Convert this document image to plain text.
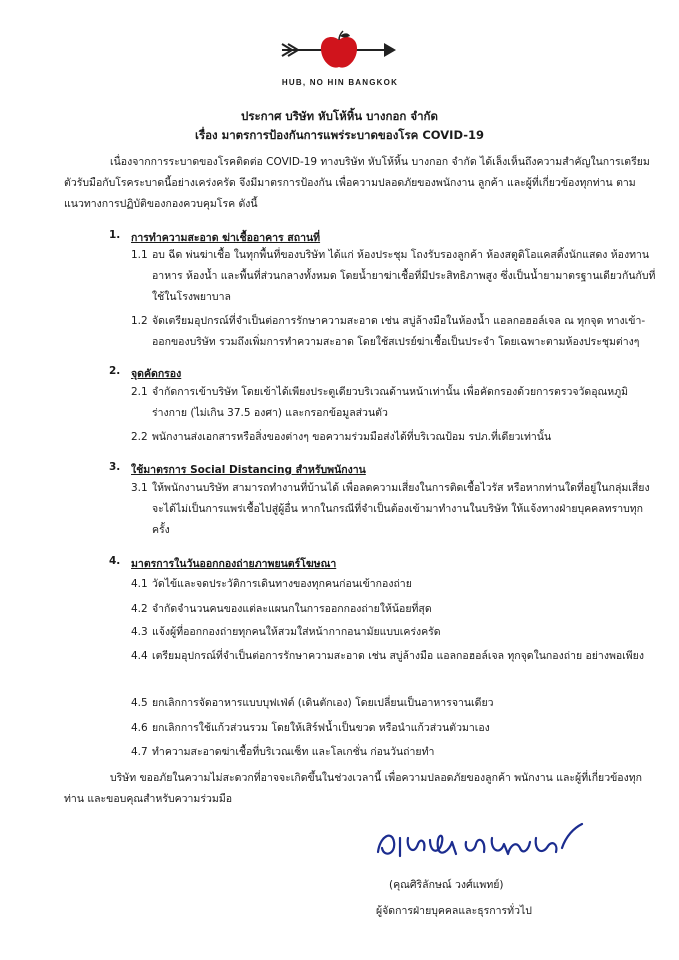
HUB, NO HIN BANGKOK
ประกาศ บริษัท หับโห้หิ้น บางกอก จำกัด
เรื่อง มาตรการป้องกันการแพร่ระบาดของโรค COVID-19

เนื่องจากการระบาดของโรคติดต่อ COVID-19 ทางบริษัท หับโห้หิ้น บางกอก จำกัด ได้เล็งเห็นถึงความสำคัญในการเตรียมตัวรับมือกับโรคระบาดนี้อย่างเคร่งครัด จึงมีมาตรการป้องกัน เพื่อความปลอดภัยของพนักงาน ลูกค้า และผู้ที่เกี่ยวข้องทุกท่าน ตามแนวทางการปฏิบัติของกองควบคุมโรค ดังนี้

1. การทำความสะอาด ฆ่าเชื้ออาคาร สถานที่
1.1 อบ ฉีด พ่นฆ่าเชื้อ ในทุกพื้นที่ของบริษัท ได้แก่ ห้องประชุม โถงรับรองลูกค้า ห้องสตูดิโอแคสติ้งนักแสดง ห้องทานอาหาร ห้องน้ำ และพื้นที่ส่วนกลางทั้งหมด โดยน้ำยาฆ่าเชื้อที่มีประสิทธิภาพสูง ซึ่งเป็นน้ำยามาตรฐานเดียวกันกับที่ใช้ในโรงพยาบาล

1.2 จัดเตรียมอุปกรณ์ที่จำเป็นต่อการรักษาความสะอาด เช่น สบู่ล้างมือในห้องน้ำ แอลกอฮอล์เจล ณ ทุกจุด ทางเข้า-ออกของบริษัท รวมถึงเพิ่มการทำความสะอาด โดยใช้สเปรย์ฆ่าเชื้อเป็นประจำ โดยเฉพาะตามห้องประชุมต่างๆ

2. จุดคัดกรอง
2.1 จำกัดการเข้าบริษัท โดยเข้าได้เพียงประตูเดียวบริเวณด้านหน้าเท่านั้น เพื่อคัดกรองด้วยการตรวจวัดอุณหภูมิร่างกาย (ไม่เกิน 37.5 องศา) และกรอกข้อมูลส่วนตัว

2.2 พนักงานส่งเอกสารหรือสิ่งของต่างๆ ขอความร่วมมือส่งได้ที่บริเวณป้อม รปภ.ที่เดียวเท่านั้น

3. ใช้มาตรการ Social Distancing สำหรับพนักงาน
3.1 ให้พนักงานบริษัท สามารถทำงานที่บ้านได้ เพื่อลดความเสี่ยงในการติดเชื้อไวรัส หรือหากท่านใดที่อยู่ในกลุ่มเสี่ยง จะได้ไม่เป็นการแพร่เชื้อไปสู่ผู้อื่น หากในกรณีที่จำเป็นต้องเข้ามาทำงานในบริษัท ให้แจ้งทางฝ่ายบุคคลทราบทุกครั้ง

4. มาตรการในวันออกกองถ่ายภาพยนตร์โฆษณา
4.1 วัดไข้และจดประวัติการเดินทางของทุกคนก่อนเข้ากองถ่าย

4.2 จำกัดจำนวนคนของแต่ละแผนกในการออกกองถ่ายให้น้อยที่สุด

4.3 แจ้งผู้ที่ออกกองถ่ายทุกคนให้สวมใส่หน้ากากอนามัยแบบเคร่งครัด

4.4 เตรียมอุปกรณ์ที่จำเป็นต่อการรักษาความสะอาด เช่น สบู่ล้างมือ แอลกอฮอล์เจล ทุกจุดในกองถ่าย อย่างพอเพียง

4.5 ยกเลิกการจัดอาหารแบบบุฟเฟ่ต์ (เดินตักเอง) โดยเปลี่ยนเป็นอาหารจานเดียว

4.6 ยกเลิกการใช้แก้วส่วนรวม โดยให้เสิร์ฟน้ำเป็นขวด หรือนำแก้วส่วนตัวมาเอง

4.7 ทำความสะอาดฆ่าเชื้อที่บริเวณเซ็ท และโลเกชั่น ก่อนวันถ่ายทำ

บริษัท ขออภัยในความไม่สะดวกที่อาจจะเกิดขึ้นในช่วงเวลานี้ เพื่อความปลอดภัยของลูกค้า พนักงาน และผู้ที่เกี่ยวข้องทุกท่าน และขอบคุณสำหรับความร่วมมือ

(คุณศิริลักษณ์ วงศ์แพทย์)
ผู้จัดการฝ่ายบุคคลและธุรการทั่วไป
